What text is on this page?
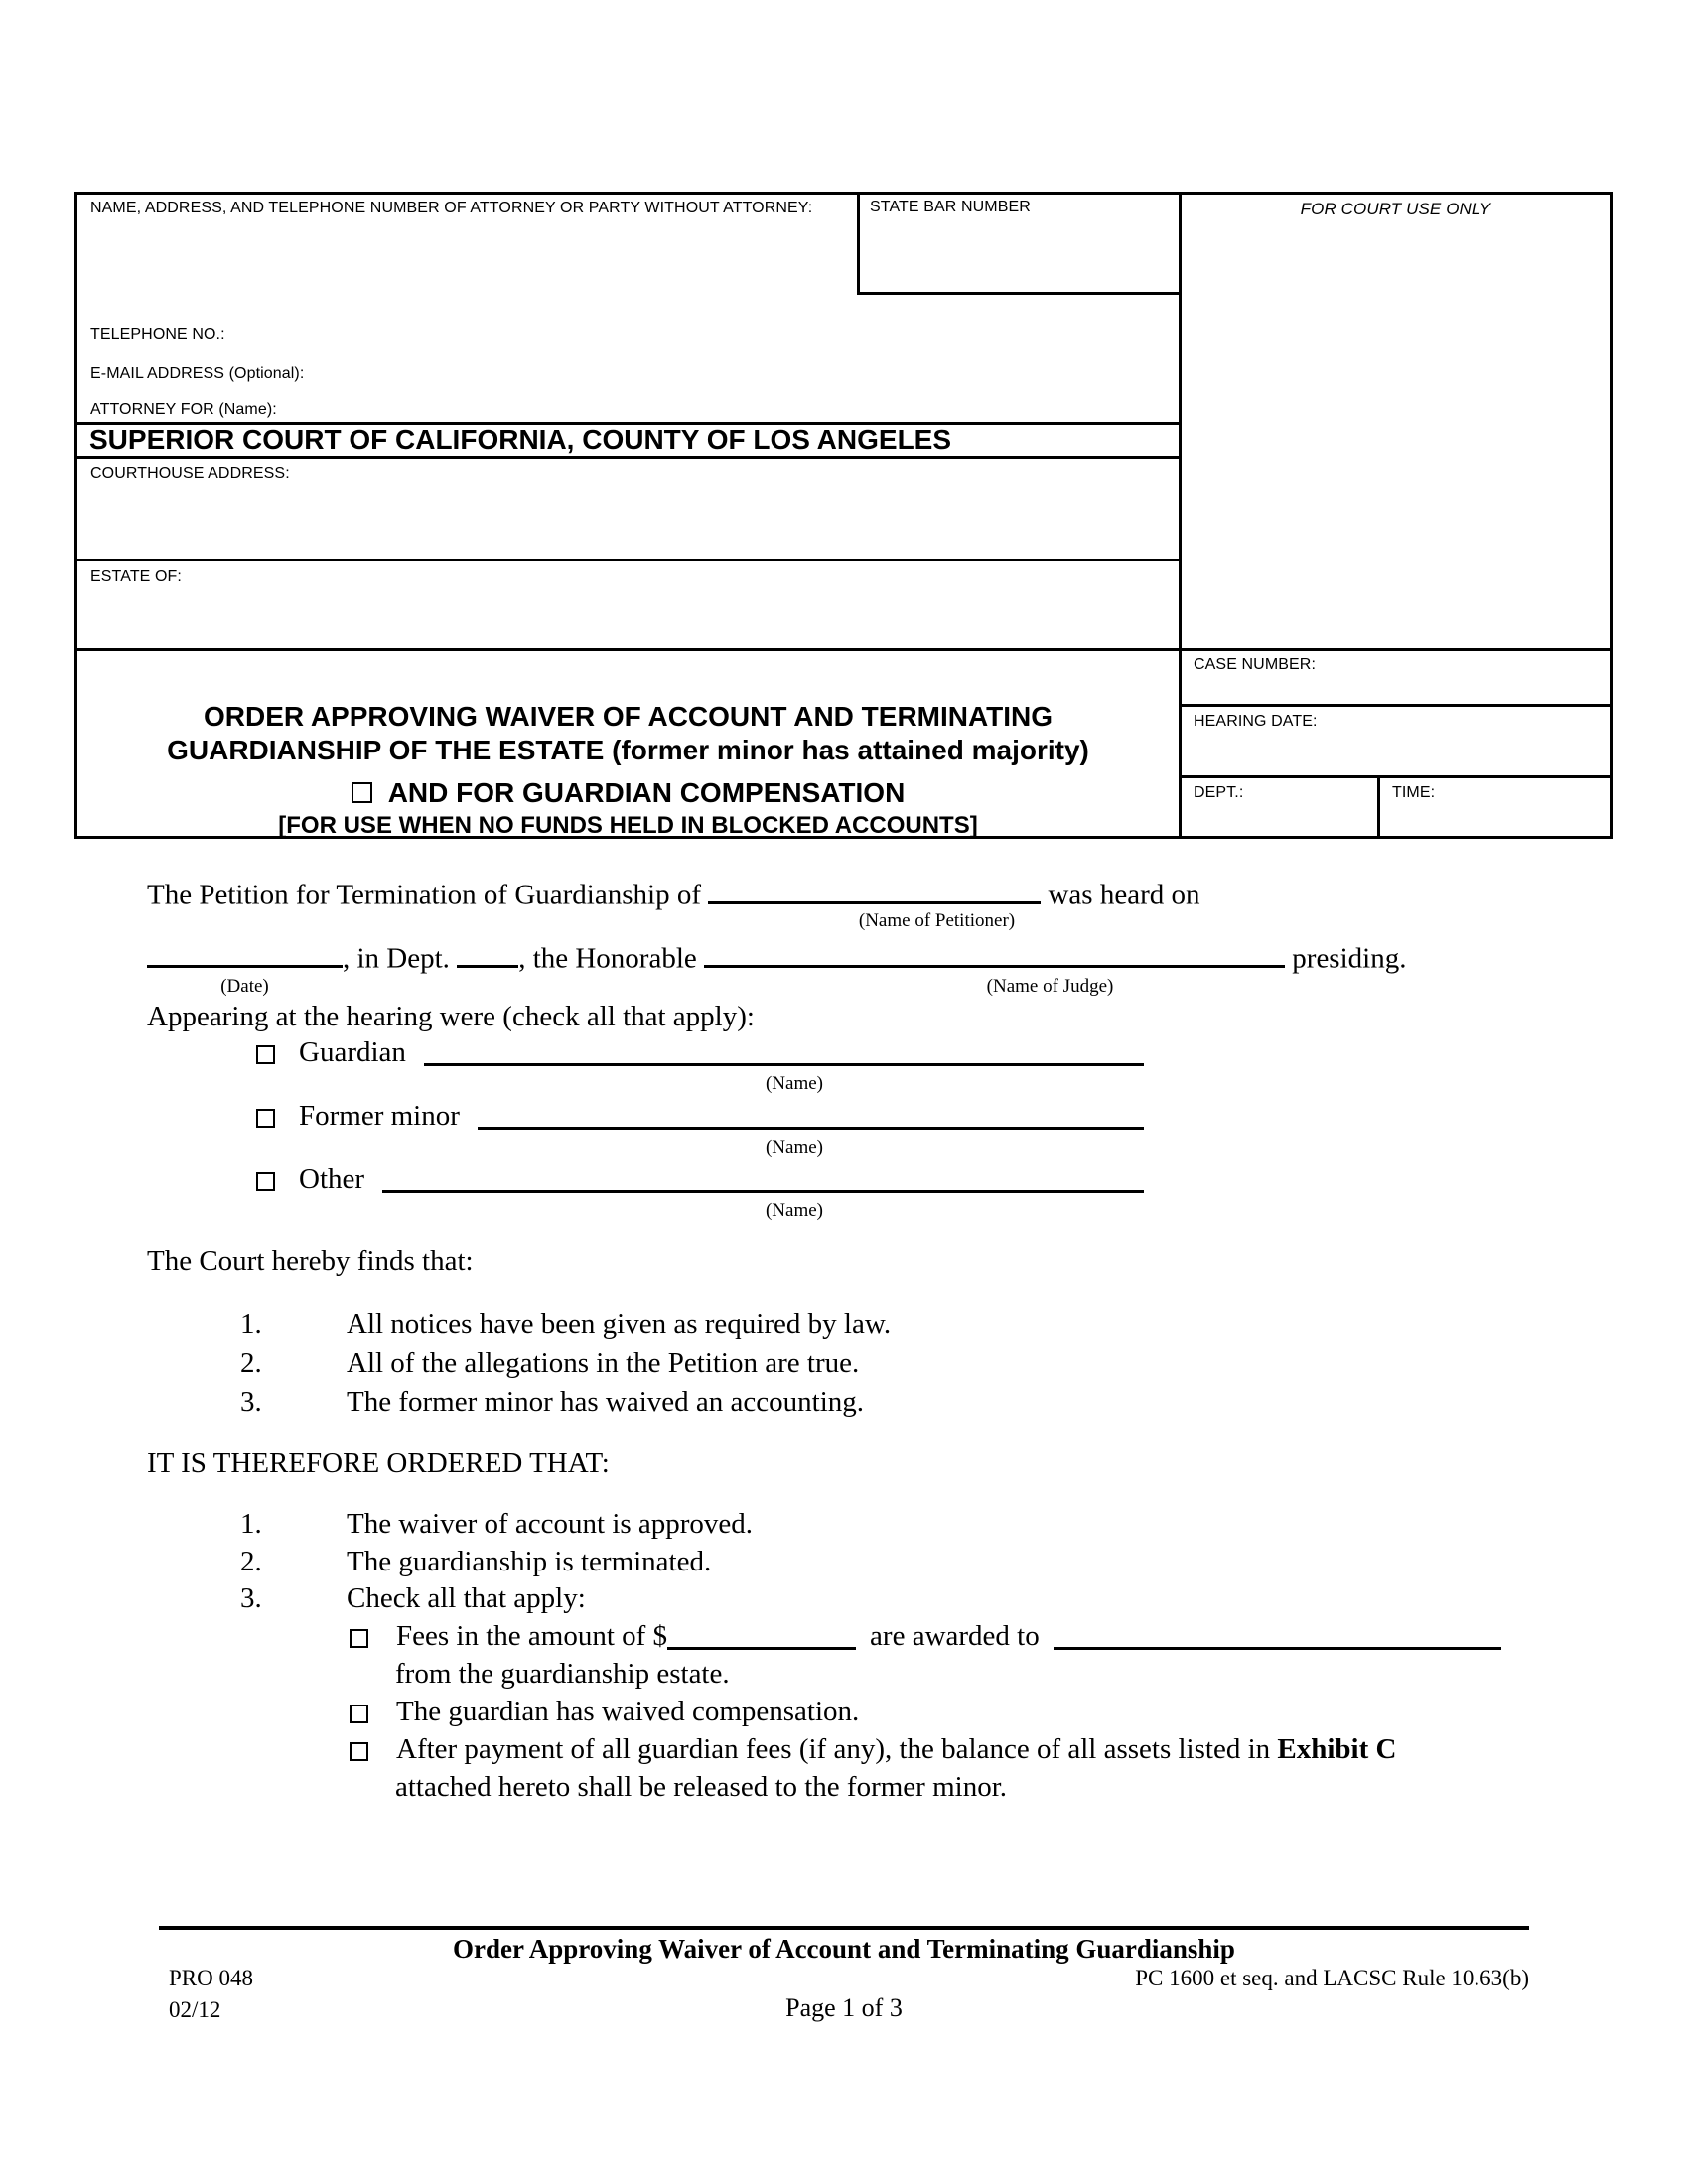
STATE BAR NUMBER
NAME, ADDRESS, AND TELEPHONE NUMBER OF ATTORNEY OR PARTY WITHOUT ATTORNEY:
TELEPHONE NO.:
E-MAIL ADDRESS (Optional):
ATTORNEY FOR (Name):
SUPERIOR COURT OF CALIFORNIA, COUNTY OF LOS ANGELES
COURTHOUSE ADDRESS:
ESTATE OF:
ORDER APPROVING WAIVER OF ACCOUNT AND TERMINATING
GUARDIANSHIP OF THE ESTATE (former minor has attained majority)
AND FOR GUARDIAN COMPENSATION
[FOR USE WHEN NO FUNDS HELD IN BLOCKED ACCOUNTS]
FOR COURT USE ONLY
CASE NUMBER:
HEARING DATE:
DEPT.:	TIME:
The Petition for Termination of Guardianship of	was heard on
(Name of Petitioner)
, in Dept. , the Honorable	presiding.
(Date)	(Name of Judge)
Appearing at the hearing were (check all that apply):
Guardian
(Name)
Former minor
(Name)
Other
(Name)
The Court hereby finds that:
1.	All notices have been given as required by law.
2.	All of the allegations in the Petition are true.
3.	The former minor has waived an accounting.
IT IS THEREFORE ORDERED THAT:
1.	The waiver of account is approved.
2.	The guardianship is terminated.
3.	Check all that apply:
Fees in the amount of $	are awarded to
from the guardianship estate.
The guardian has waived compensation.
After payment of all guardian fees (if any), the balance of all assets listed in Exhibit C
attached hereto shall be released to the former minor.
Order Approving Waiver of Account and Terminating Guardianship
PRO 048	PC 1600 et seq. and LACSC Rule 10.63(b)
02/12	Page 1 of 3
